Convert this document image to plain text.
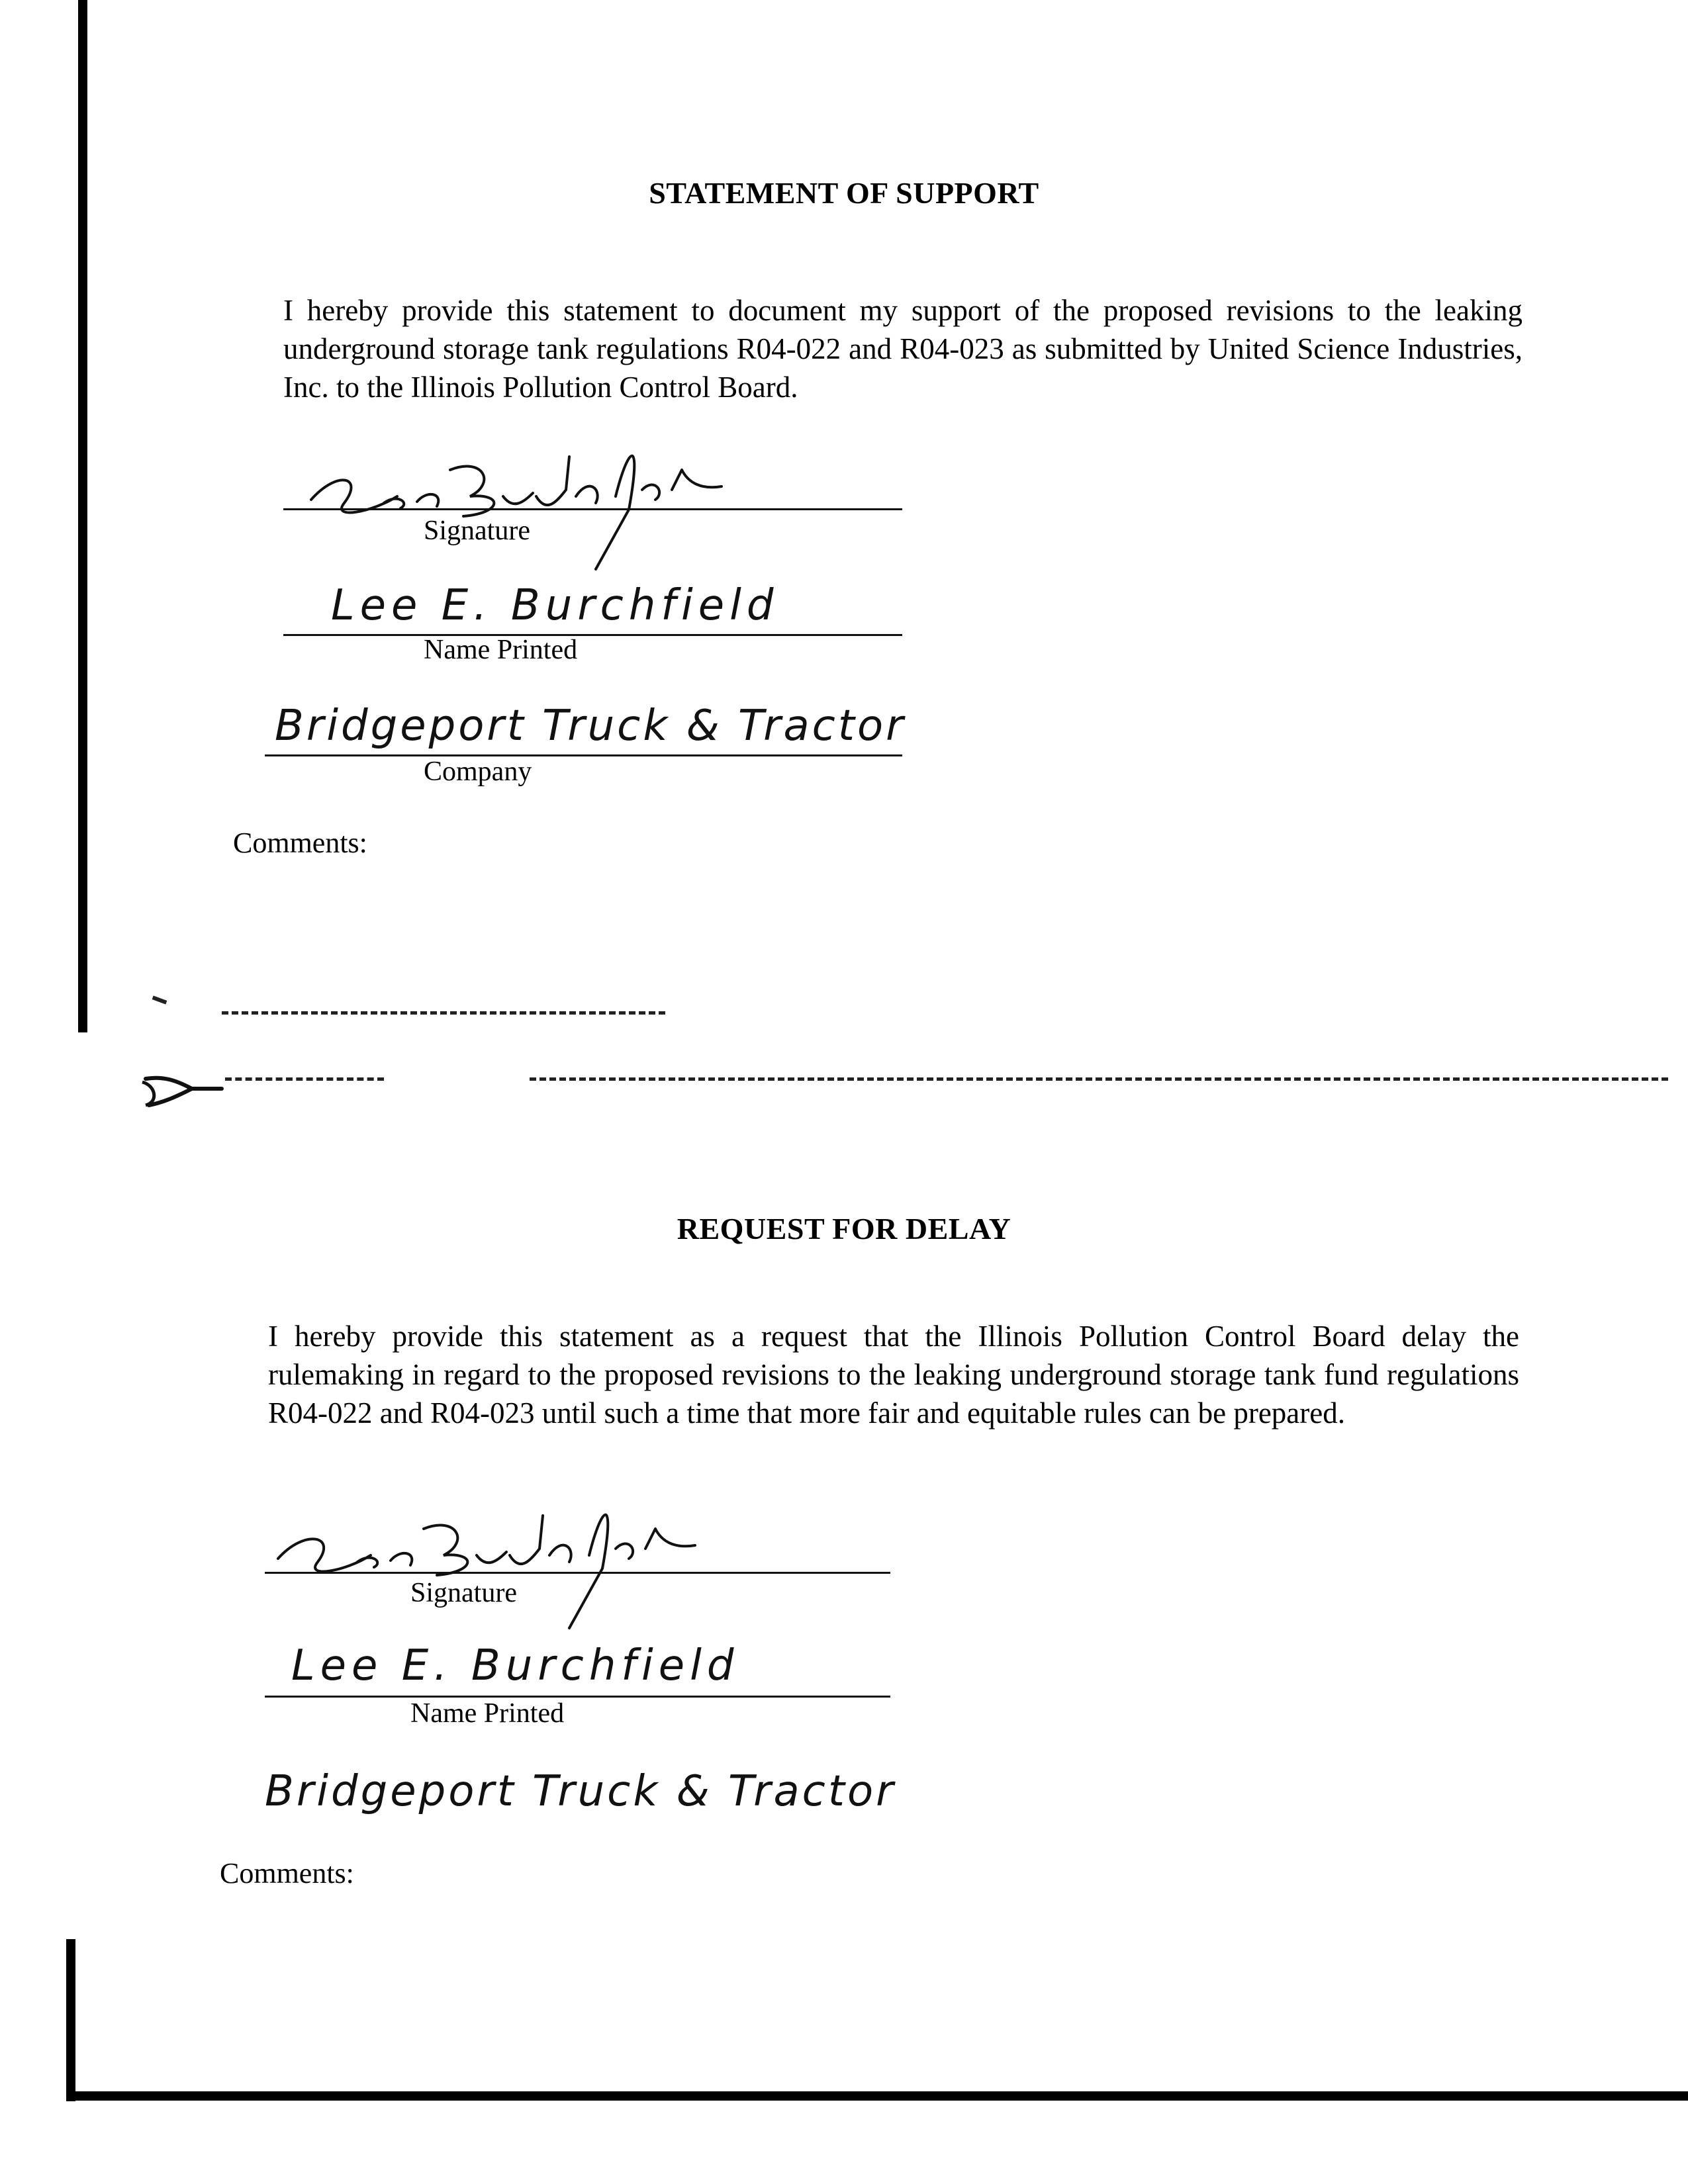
STATEMENT OF SUPPORT
I hereby provide this statement to document my support of the proposed revisions to the leaking underground storage tank regulations R04-022 and R04-023 as submitted by United Science Industries, Inc. to the Illinois Pollution Control Board.
Signature
Lee E. Burchfield
Name Printed
Bridgeport Truck & Tractor
Company
Comments:
REQUEST FOR DELAY
I hereby provide this statement as a request that the Illinois Pollution Control Board delay the rulemaking in regard to the proposed revisions to the leaking underground storage tank fund regulations R04-022 and R04-023 until such a time that more fair and equitable rules can be prepared.
Signature
Lee E. Burchfield
Name Printed
Bridgeport Truck & Tractor
Comments:
